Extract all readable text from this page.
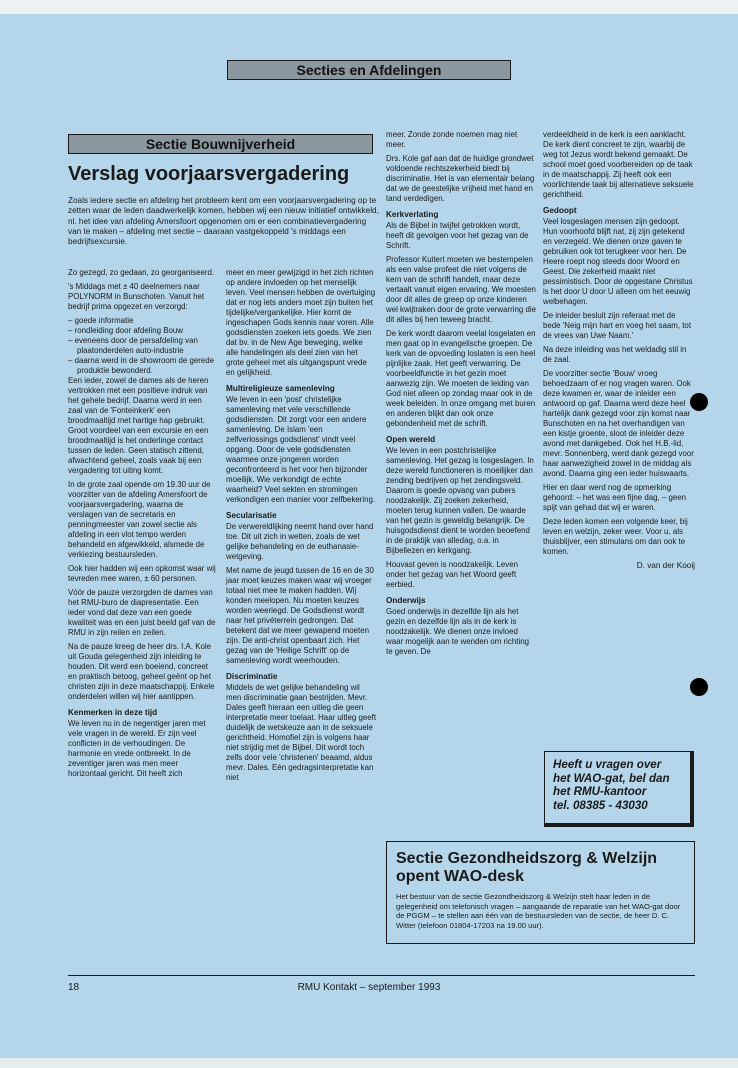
Secties en Afdelingen
Sectie Bouwnijverheid
Verslag voorjaarsvergadering

Zoals iedere sectie en afdeling het probleem kent om een voorjaarsvergadering op te zetten waar de leden daadwerkelijk komen, hebben wij een nieuw initiatief ontwikkeld, nl. het idee van afdeling Amersfoort opgenomen om er een combinatievergadering van te maken – afdeling met sectie – daaraan vastgekoppeld 's middags een bedrijfsexcursie.

Zo gezegd, zo gedaan, zo georganiseerd.

's Middags met ± 40 deelnemers naar POLYNORM in Bunschoten. Vanuit het bedrijf prima opgezet en verzorgd:

– goede informatie
– rondleiding door afdeling Bouw
– eveneens door de persafdeling van plaatonderdelen auto-industrie
– daarna werd in de showroom de gerede produktie bewonderd.

Een ieder, zowel de dames als de heren vertrokken met een positieve indruk van het gehele bedrijf. Daarna werd in een zaal van de 'Fonteinkerk' een broodmaaltijd met hartige hap gebruikt. Groot voordeel van een excursie en een broodmaaltijd is het onderlinge contact tussen de leden. Geen statisch zittend, afwachtend geheel, zoals vaak bij een vergadering tot uiting komt.

In de grote zaal opende om 19.30 uur de voorzitter van de afdeling Amersfoort de voorjaarsvergadering, waarna de verslagen van de secretaris en penningmeester van zowel sectie als afdeling in een vlot tempo werden behandeld en afgewikkeld, alsmede de verkiezing bestuursleden.

Ook hier hadden wij een opkomst waar wij tevreden mee waren, ± 60 personen.

Vóór de pauze verzorgden de dames van het RMU-buro de diapresentatie. Een ieder vond dat deze van een goede kwaliteit was en een juist beeld gaf van de RMU in zijn reilen en zeilen.

Na de pauze kreeg de heer drs. I.A. Kole uit Gouda gelegenheid zijn inleiding te houden. Dit werd een boeiend, concreet en praktisch betoog, geheel geënt op het christen zijn in deze maatschappij. Enkele onderdelen willen wij hier aantippen.

Kenmerken in deze tijd

We leven nu in de negentiger jaren met vele vragen in de wereld. Er zijn veel conflicten in de verhoudingen. De harmonie en vrede ontbreekt. In de zeventiger jaren was men meer horizontaal gericht. Dit heeft zich

meer en meer gewijzigd in het zich richten op andere invloeden op het menselijk leven. Veel mensen hebben de overtuiging dat er nog iets anders moet zijn buiten het tijdelijke/vergankelijke. Hier komt de ingeschapen Gods kennis naar voren. Alle godsdiensten zoeken iets goeds. We zien dat bv. in de New Age beweging, welke alle handelingen als deel zien van het grote geheel met als uitgangspunt vrede en gelijkheid.

Multireligieuze samenleving

We leven in een 'post' christelijke samenleving met vele verschillende godsdiensten. Dit zorgt voor een andere samenleving. De Islam 'een zelfverlossings godsdienst' vindt veel opgang. Door de vele godsdiensten waarmee onze jongeren worden geconfronteerd is het voor hen bijzonder moeilijk. Wie verkondigt de echte waarheid? Veel sekten en stromingen verkondigen een manier voor zelfbekering.

Secularisatie

De verwereldlijking neemt hand over hand toe. Dit uit zich in wetten, zoals de wet gelijke behandeling en de euthanasie-wetgeving.

Met name de jeugd tussen de 16 en de 30 jaar moet keuzes maken waar wij vroeger totaal niet mee te maken hadden. Wij konden meelopen. Nu moeten keuzes worden weerlegd. De Godsdienst wordt naar het privéterrein gedrongen. Dat betekent dat we meer gewapend moeten zijn. De anti-christ openbaart zich. Het gezag van de 'Heilige Schrift' op de samenleving wordt weerhouden.

Discriminatie

Middels de wet gelijke behandeling wil men discriminatie gaan bestrijden. Mevr. Dales geeft hieraan een uitleg die geen interpretatie meer toelaat. Haar uitleg geeft duidelijk de wetskeuze aan in de seksuele gerichtheid. Homofiel zijn is volgens haar niet strijdig met de Bijbel. Dit wordt toch zelfs door vele 'christenen' beaamd, aldus mevr. Dales. Eén gedragsinterpretatie kan niet

meer. Zonde zonde noemen mag niet meer.

Drs. Kole gaf aan dat de huidige grondwet voldoende rechtszekerheid biedt bij discriminatie. Het is van elementair belang dat we de geestelijke vrijheid met hand en tand verdedigen.

Kerkverlating

Als de Bijbel in twijfel getrokken wordt, heeft dit gevolgen voor het gezag van de Schrift.

Professor Kuitert moeten we bestempelen als een valse profeet die niet volgens de kern van de schrift handelt, maar deze vertaalt vanuit eigen ervaring. We moesten door dit alles de greep op onze kinderen wel kwijtraken door de grote verwarring die dit alles bij hen teweeg bracht.

De kerk wordt daarom veelal losgelaten en men gaat op in evangelische groepen. De kerk van de opvoeding loslaten is een heel pijnlijke zaak. Het geeft verwarring. De voorbeeldfunctie in het gezin moet aanwezig zijn. We moeten de leiding van God niet alleen op zondag maar ook in de week beleiden. In onze omgang met buren en anderen blijkt dan ook onze gebondenheid met de schrift.

Open wereld

We leven in een postchristelijke samenleving. Het gezag is losgeslagen. In deze wereld functioneren is moeilijker dan zending bedrijven op het zendingsveld. Daarom is goede opvang van pubers noodzakelijk. Zij zoeken zekerheid, moeten terug kunnen vallen. De waarde van het gezin is geweldig belangrijk. De huisgodsdienst dient te worden beoefend in de praktijk van alledag, o.a. in Bijbellezen en kerkgang.

Houvast geven is noodzakelijk. Leven onder het gezag van het Woord geeft eerbied.

Onderwijs

Goed onderwijs in dezelfde lijn als het gezin en dezelfde lijn als in de kerk is noodzakelijk. We dienen onze invloed waar mogelijk aan te wenden om richting te geven. De

verdeeldheid in de kerk is een aanklacht. De kerk dient concreet te zijn, waarbij de weg tot Jezus wordt bekend gemaakt. De school moet goed voorbereiden op de taak in de maatschappij. Zij heeft ook een voorlichtende taak bij alternatieve seksuele gerichtheid.

Gedoopt

Veel losgeslagen mensen zijn gedoopt. Hun voorhoofd blijft nat, zij zijn getekend en verzegeld. We dienen onze gaven te gebruiken ook tot terugkeer voor hen. De Heere roept nog steeds door Woord en Geest. Die zekerheid maakt niet pessimistisch. Door de opgestane Christus is het door U door U alleen om het eeuwig welbehagen.

De inleider besluit zijn referaat met de bede 'Neig mijn hart en voeg het saam, tot de vrees van Uwe Naam.'

Na deze inleiding was het weldadig stil in de zaal.

De voorzitter sectie 'Bouw' vroeg behoedzaam of er nog vragen waren. Ook deze kwamen er, waar de inleider een antwoord op gaf. Daarna werd deze heel hartelijk dank gezegd voor zijn komst naar Bunschoten en na het overhandigen van een kistje groente, sloot de inleider deze avond met dankgebed. Ook het H.B.-lid, mevr. Sonnenberg, werd dank gezegd voor haar aanwezigheid zowel in de middag als avond. Daarna ging een ieder huiswaarts.

Hier en daar werd nog de opmerking gehoord: – het was een fijne dag, – geen spijt van gehad dat wij er waren.

Deze leden komen een volgende keer, bij leven en welzijn, zeker weer. Voor u, als thuisblijver, een stimulans om dan ook te komen.

D. van der Kooij

Heeft u vragen over
het WAO-gat, bel dan
het RMU-kantoor
tel. 08385 - 43030
Sectie Gezondheidszorg & Welzijn opent WAO-desk

Het bestuur van de sectie Gezondheidszorg & Welzijn stelt haar leden in de gelegenheid om telefonisch vragen – aangaande de reparatie van het WAO-gat door de PGGM – te stellen aan één van de bestuursleden van de sectie, de heer D. C. Witter (telefoon 01804-17203 na 19.00 uur).

18	RMU Kontakt – september 1993
